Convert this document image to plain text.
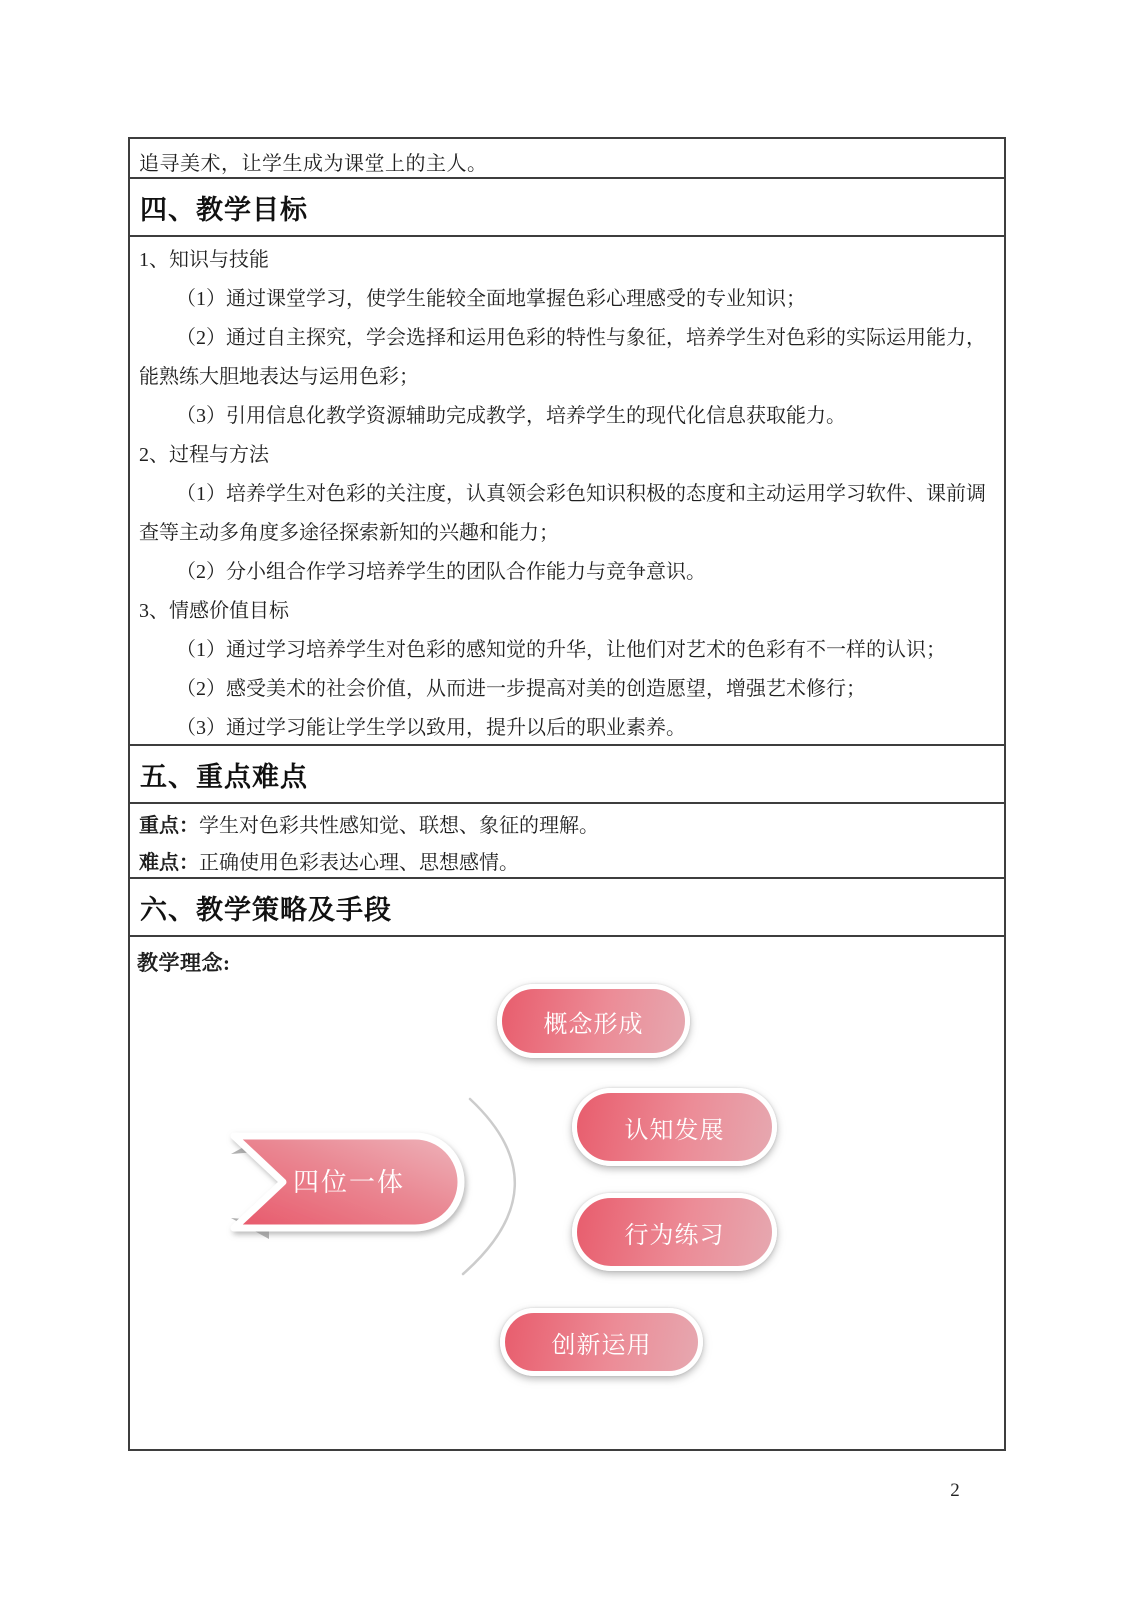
追寻美术，让学生成为课堂上的主人。
四、教学目标

1、知识与技能

（1）通过课堂学习，使学生能较全面地掌握色彩心理感受的专业知识；

（2）通过自主探究，学会选择和运用色彩的特性与象征，培养学生对色彩的实际运用能力，能熟练大胆地表达与运用色彩；

（3）引用信息化教学资源辅助完成教学，培养学生的现代化信息获取能力。

2、过程与方法

（1）培养学生对色彩的关注度，认真领会彩色知识积极的态度和主动运用学习软件、课前调查等主动多角度多途径探索新知的兴趣和能力；

（2）分小组合作学习培养学生的团队合作能力与竞争意识。

3、情感价值目标

（1）通过学习培养学生对色彩的感知觉的升华，让他们对艺术的色彩有不一样的认识；

（2）感受美术的社会价值，从而进一步提高对美的创造愿望，增强艺术修行；

（3）通过学习能让学生学以致用，提升以后的职业素养。

五、重点难点

重点：学生对色彩共性感知觉、联想、象征的理解。

难点：正确使用色彩表达心理、思想感情。

六、教学策略及手段
教学理念:
四位一体
概念形成
认知发展
行为练习
创新运用
2
